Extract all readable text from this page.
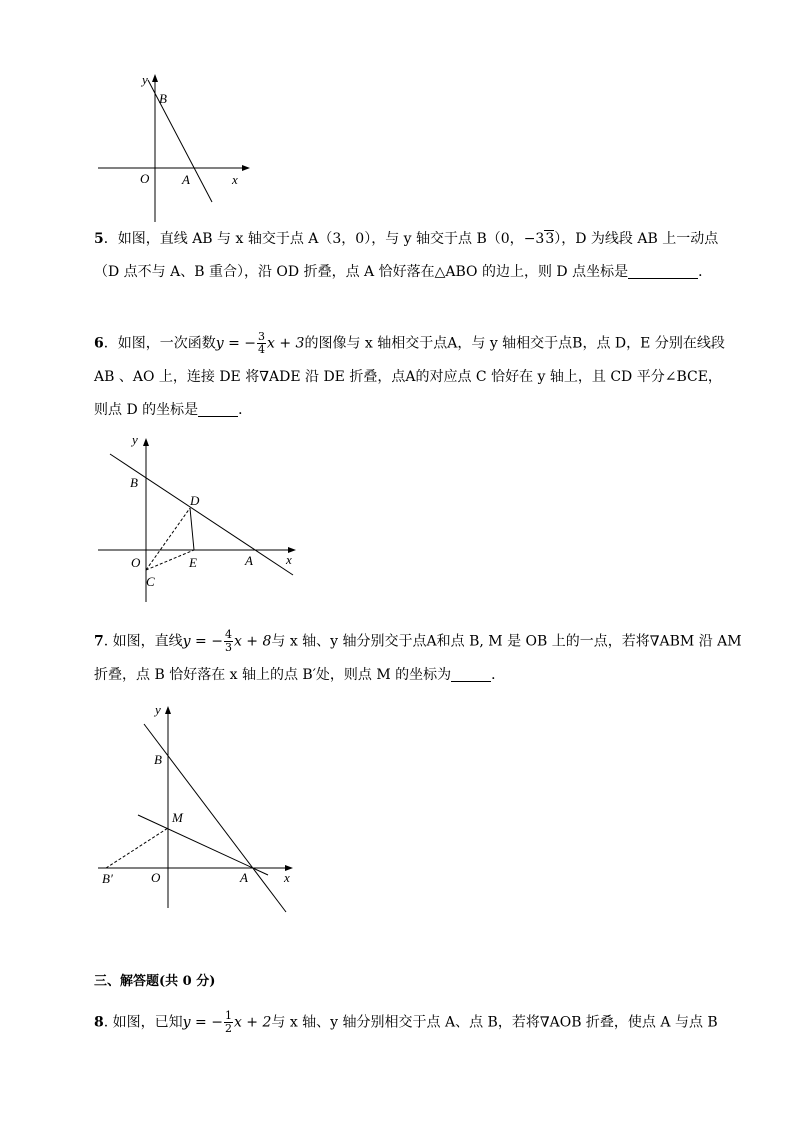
y
B
O	A	x
5．如图，直线 AB 与 x 轴交于点 A（3，0），与 y 轴交于点 B（0，−33），D 为线段 AB 上一动点
（D 点不与 A、B 重合），沿 OD 折叠，点 A 恰好落在△ABO 的边上，则 D 点坐标是	．
6．如图，一次函数y = − $\frac{3}{4}$ x + 3的图像与 x 轴相交于点A，与 y 轴相交于点B，点 D，E 分别在线段
AB 、AO 上，连接 DE 将∇ADE 沿 DE 折叠，点A的对应点 C 恰好在 y 轴上，且 CD 平分∠BCE，
则点 D 的坐标是	．
y
B
D
O	E	A	x
C
7. 如图，直线y = − $\frac{4}{3}$ x + 8与 x 轴、y 轴分别交于点A和点 B, M 是 OB 上的一点，若将∇ABM 沿 AM
折叠，点 B 恰好落在 x 轴上的点 B′处，则点 M 的坐标为	．
y
B
M
B′	O	A	x
三、解答题(共 0 分)
8. 如图，已知y = − $\frac{1}{2}$ x + 2与 x 轴、y 轴分别相交于点 A、点 B，若将∇AOB 折叠，使点 A 与点 B
